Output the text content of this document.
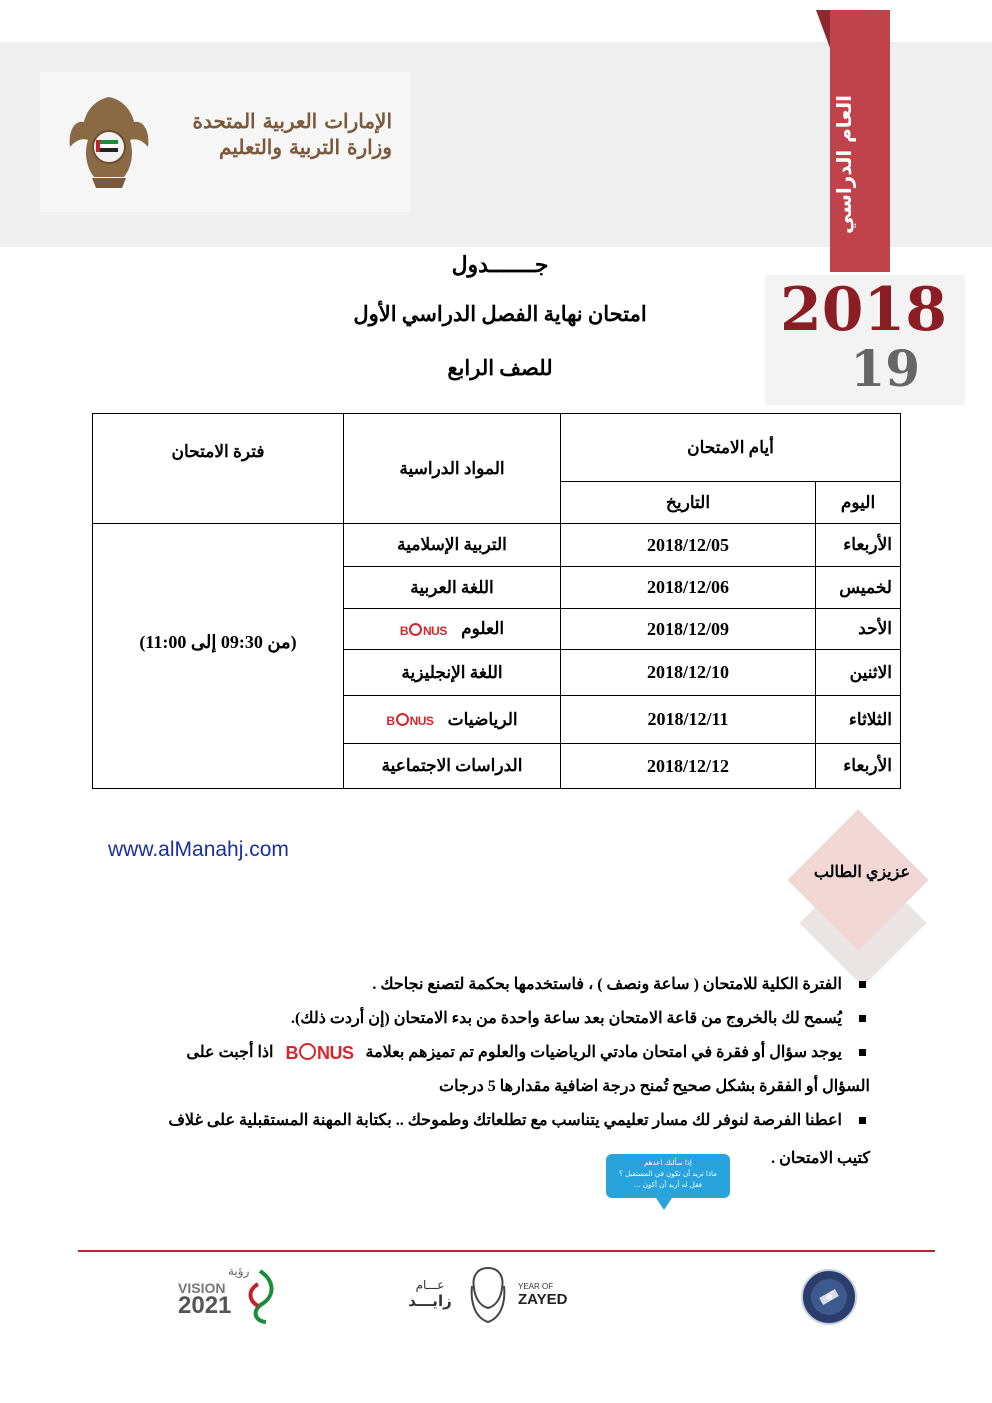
الإمارات العربية المتحدة
وزارة التربية والتعليم	العام الدراسي
2018
19
جـــــــدول
امتحان نهاية الفصل الدراسي الأول
للصف الرابع
أيام الامتحان		المواد الدراسية	فترة الامتحان
اليوم	التاريخ		
الأربعاء	2018/12/05	التربية الإسلامية	(من 09:30 إلى 11:00)
لخميس	2018/12/06	اللغة العربية	
الأحد	2018/12/09	العلوم B NUS	
الاثنين	2018/12/10	اللغة الإنجليزية	
الثلاثاء	2018/12/11	الرياضيات B NUS	
الأربعاء	2018/12/12	الدراسات الاجتماعية	
www.alManahj.com
عزيزي الطالب
الفترة الكلية للامتحان ( ساعة ونصف ) ، فاستخدمها بحكمة لتصنع نجاحك .
يُسمح لك بالخروج من قاعة الامتحان بعد ساعة واحدة من بدء الامتحان (إن أردت ذلك).
يوجد سؤال أو فقرة في امتحان مادتي الرياضيات والعلوم تم تميزهم بعلامة B NUS اذا أجبت على
السؤال أو الفقرة بشكل صحيح تُمنح درجة اضافية مقدارها 5 درجات
اعطنا الفرصة لنوفر لك مسار تعليمي يتناسب مع تطلعاتك وطموحك .. بكتابة المهنة المستقبلية على غلاف
كتيب الامتحان .
إذا سألتك اعدهم
ماذا تريد أن تكون في المستقبل ؟
فقل له أريد أن أكون ...
VISION
2021
رؤية
عـــام
زايـــد
YEAR OF
ZAYED
